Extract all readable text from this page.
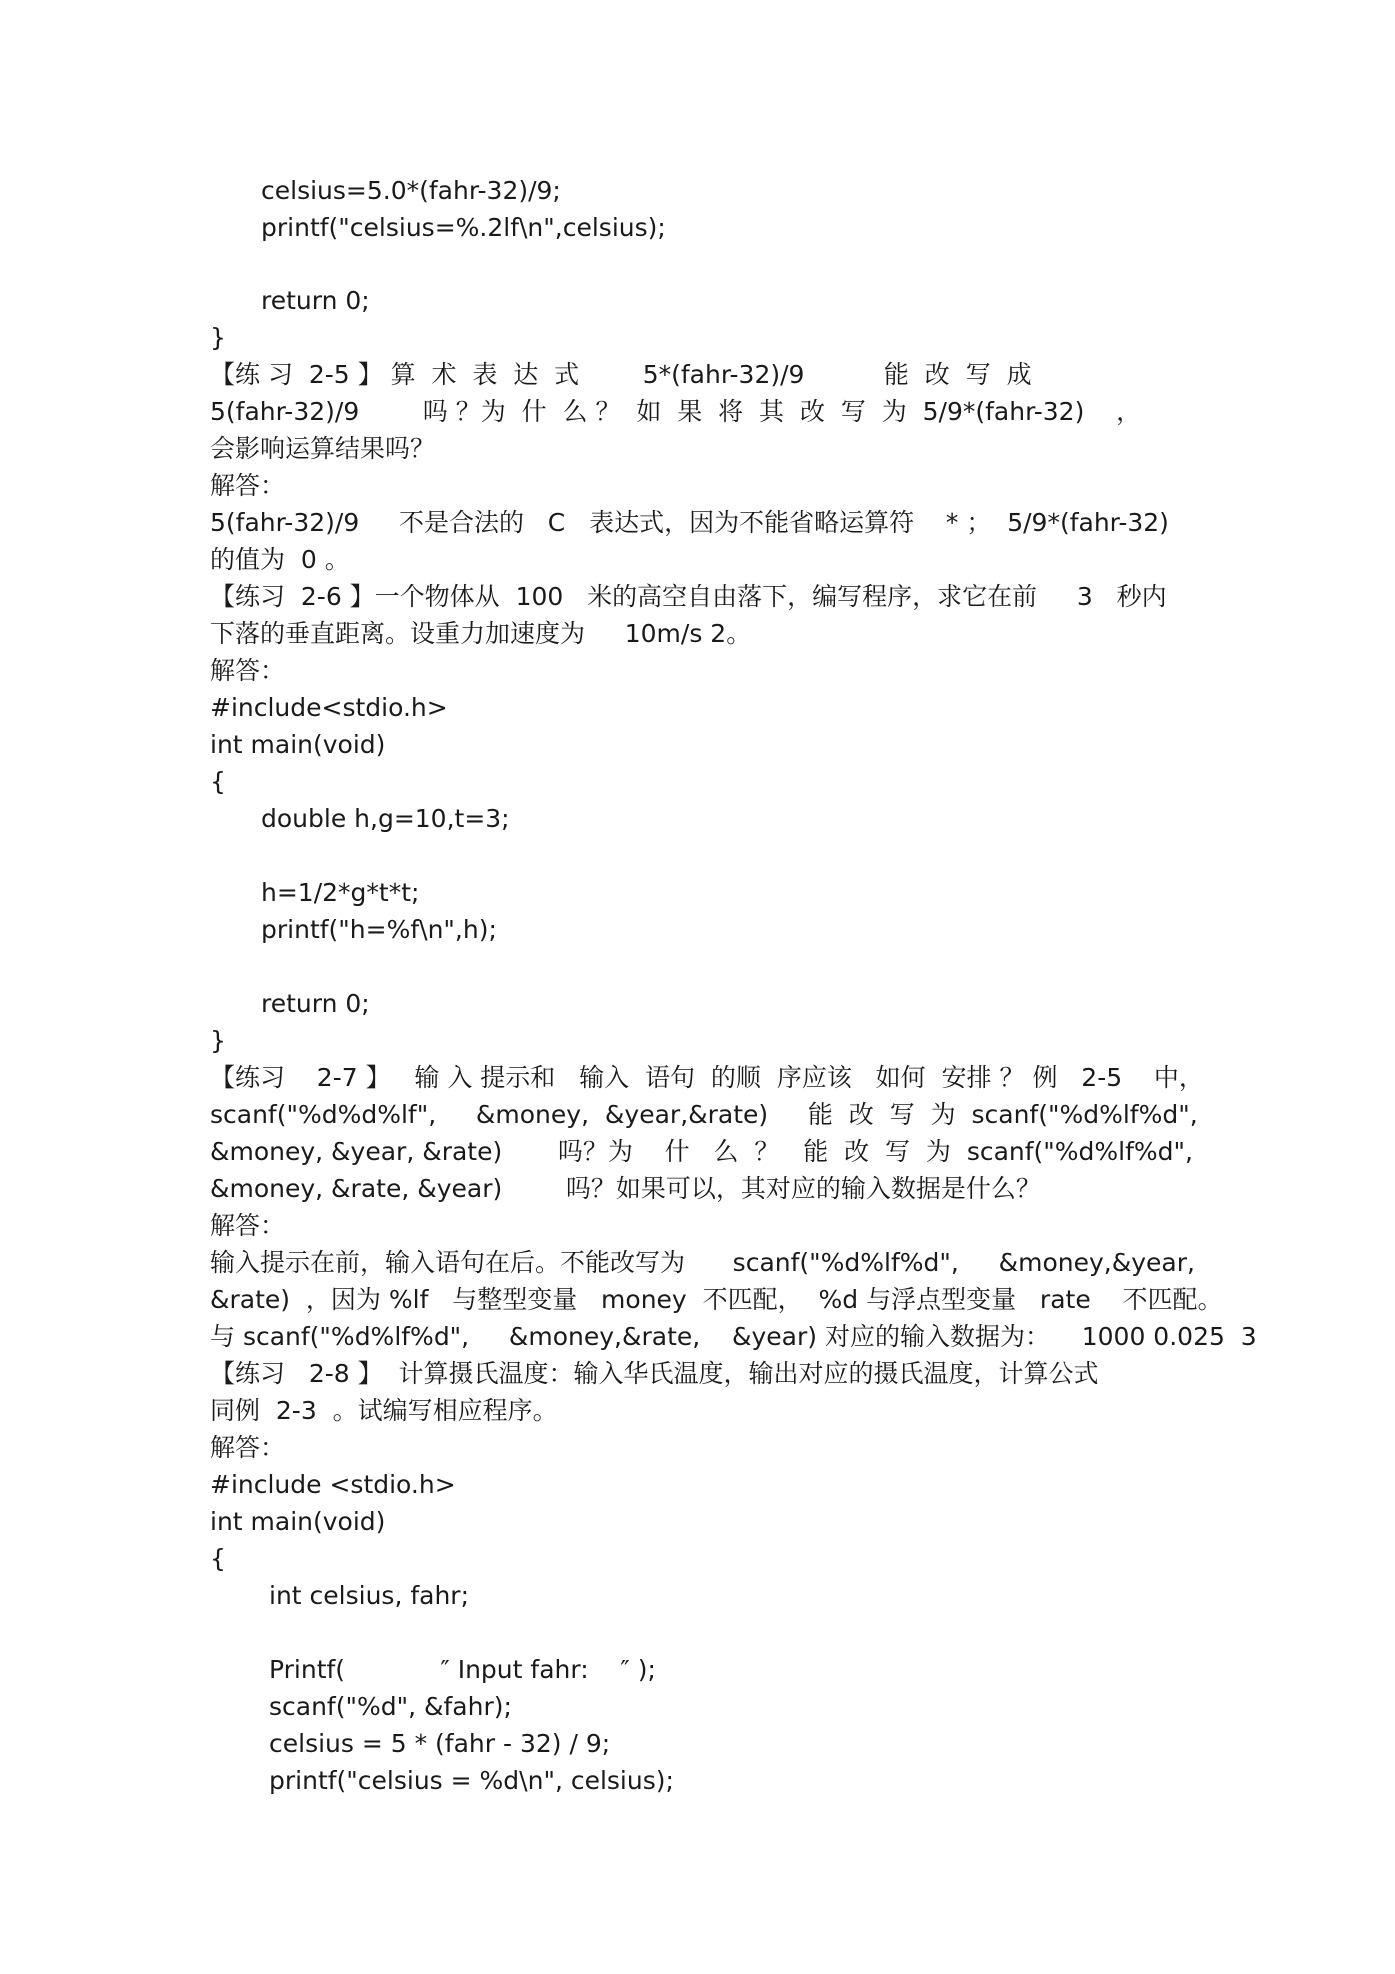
celsius=5.0*(fahr-32)/9;
printf("celsius=%.2lf\n",celsius);
return 0;
}
【练 习  2-5 】 算  术  表  达  式        5*(fahr-32)/9          能  改  写  成
5(fahr-32)/9        吗 ？为  什  么 ？  如  果  将  其  改  写  为  5/9*(fahr-32)    ，
会影响运算结果吗？
解答：
5(fahr-32)/9     不是合法的   C   表达式，因为不能省略运算符    * ；  5/9*(fahr-32)
的值为  0 。
【练习  2-6 】一个物体从  100   米的高空自由落下，编写程序，求它在前     3   秒内
下落的垂直距离。设重力加速度为     10m/s 2。
解答：
#include<stdio.h>
int main(void)
{
double h,g=10,t=3;
h=1/2*g*t*t;
printf("h=%f\n",h);
return 0;
}
【练习    2-7 】   输 入 提示和   输入  语句  的顺  序应该   如何  安排 ？ 例   2-5    中，
scanf("%d%d%lf",     &money,  &year,&rate)     能  改  写  为  scanf("%d%lf%d",
&money, &year, &rate)       吗？为    什   么  ？   能  改  写  为  scanf("%d%lf%d",
&money, &rate, &year)        吗？如果可以，其对应的输入数据是什么？
解答：
输入提示在前，输入语句在后。不能改写为      scanf("%d%lf%d",     &money,&year,
&rate)  ，因为 %lf   与整型变量   money  不匹配，  %d 与浮点型变量   rate    不匹配。
与 scanf("%d%lf%d",     &money,&rate,    &year) 对应的输入数据为：    1000 0.025  3
【练习   2-8 】  计算摄氏温度：输入华氏温度，输出对应的摄氏温度，计算公式
同例  2-3  。试编写相应程序。
解答：
#include <stdio.h>
int main(void)
{
int celsius, fahr;
Printf(            ″ Input fahr:    ″ );
scanf("%d", &fahr);
celsius = 5 * (fahr - 32) / 9;
printf("celsius = %d\n", celsius);
